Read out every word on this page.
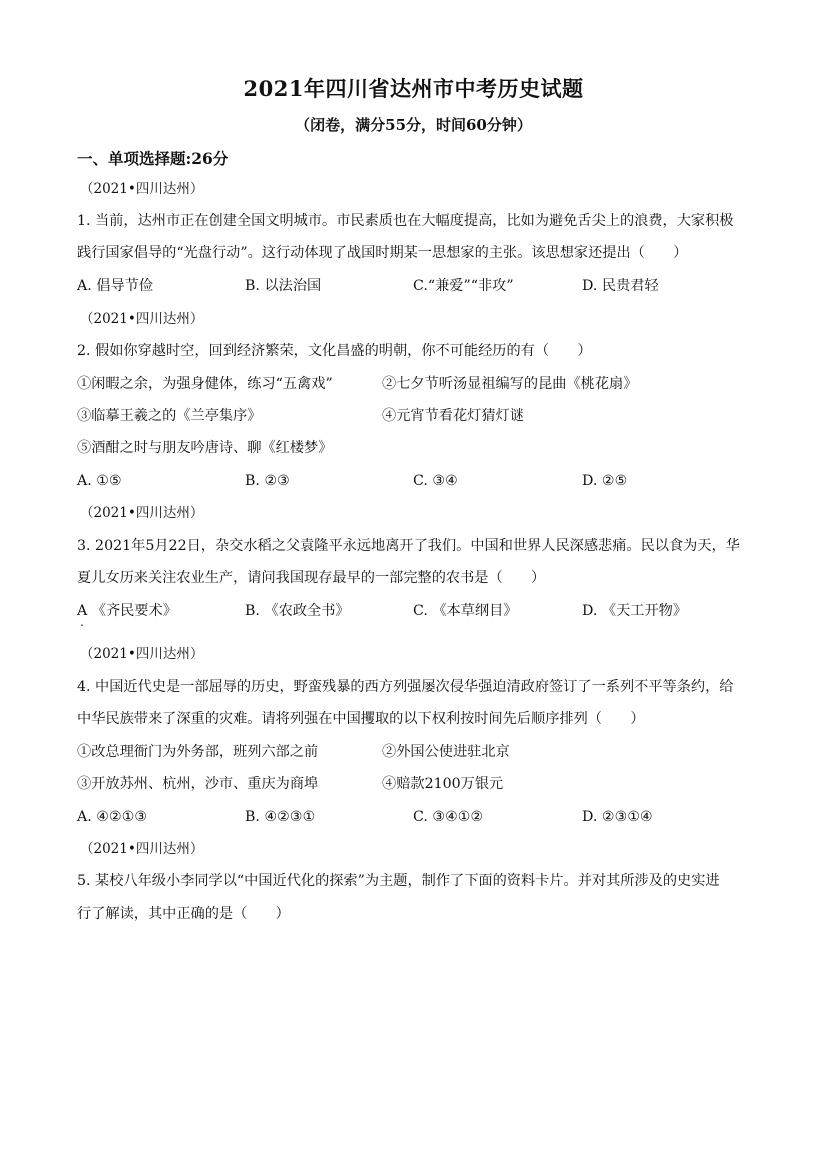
2021年四川省达州市中考历史试题
（闭卷，满分55分，时间60分钟）
一、单项选择题:26分
（2021•四川达州）
1. 当前，达州市正在创建全国文明城市。市民素质也在大幅度提高，比如为避免舌尖上的浪费，大家积极
践行国家倡导的“光盘行动”。这行动体现了战国时期某一思想家的主张。该思想家还提出（　　）
A. 倡导节俭	B. 以法治国	C.“兼爱”“非攻”	D. 民贵君轻
（2021•四川达州）
2. 假如你穿越时空，回到经济繁荣，文化昌盛的明朝，你不可能经历的有（　　）
①闲暇之余，为强身健体，练习“五禽戏”	②七夕节听汤显祖编写的昆曲《桃花扇》
③临摹王羲之的《兰亭集序》	④元宵节看花灯猜灯谜
⑤酒酣之时与朋友吟唐诗、聊《红楼梦》
A. ①⑤	B. ②③	C. ③④	D. ②⑤
（2021•四川达州）
3. 2021年5月22日，杂交水稻之父袁隆平永远地离开了我们。中国和世界人民深感悲痛。民以食为天，华
夏儿女历来关注农业生产，请问我国现存最早的一部完整的农书是（　　）
A 《齐民要术》	B. 《农政全书》	C. 《本草纲目》	D. 《天工开物》
.
（2021•四川达州）
4. 中国近代史是一部屈辱的历史，野蛮残暴的西方列强屡次侵华强迫清政府签订了一系列不平等条约，给
中华民族带来了深重的灾难。请将列强在中国攫取的以下权利按时间先后顺序排列（　　）
①改总理衙门为外务部，班列六部之前	②外国公使进驻北京
③开放苏州、杭州，沙市、重庆为商埠	④赔款2100万银元
A. ④②①③	B. ④②③①	C. ③④①②	D. ②③①④
（2021•四川达州）
5. 某校八年级小李同学以“中国近代化的探索”为主题，制作了下面的资料卡片。并对其所涉及的史实进
行了解读，其中正确的是（　　）
